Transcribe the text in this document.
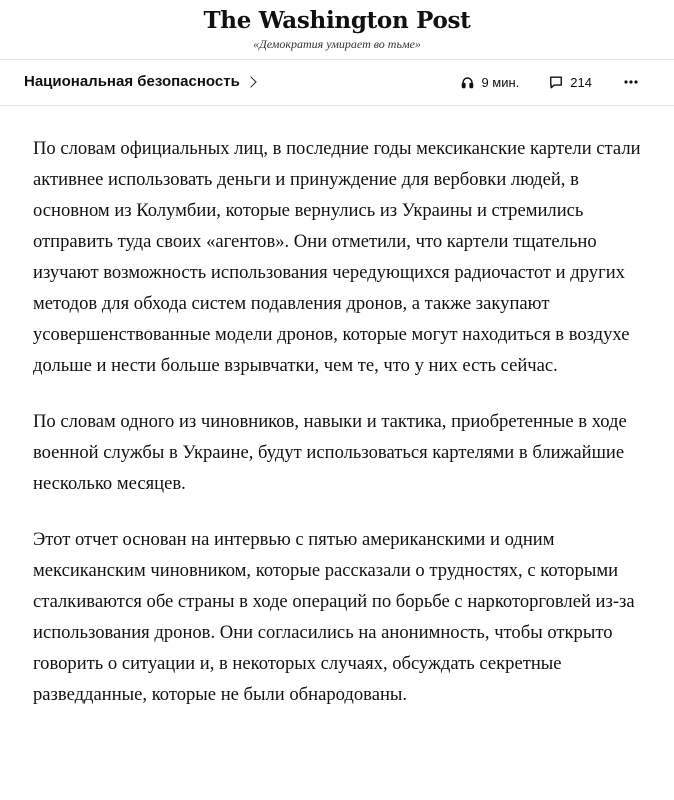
The Washington Post
«Демократия умирает во тьме»
Национальная безопасность	9 мин.	214

По словам официальных лиц, в последние годы мексиканские картели стали активнее использовать деньги и принуждение для вербовки людей, в основном из Колумбии, которые вернулись из Украины и стремились отправить туда своих «агентов». Они отметили, что картели тщательно изучают возможность использования чередующихся радиочастот и других методов для обхода систем подавления дронов, а также закупают усовершенствованные модели дронов, которые могут находиться в воздухе дольше и нести больше взрывчатки, чем те, что у них есть сейчас.

По словам одного из чиновников, навыки и тактика, приобретенные в ходе военной службы в Украине, будут использоваться картелями в ближайшие несколько месяцев.

Этот отчет основан на интервью с пятью американскими и одним мексиканским чиновником, которые рассказали о трудностях, с которыми сталкиваются обе страны в ходе операций по борьбе с наркоторговлей из-за использования дронов. Они согласились на анонимность, чтобы открыто говорить о ситуации и, в некоторых случаях, обсуждать секретные разведданные, которые не были обнародованы.
